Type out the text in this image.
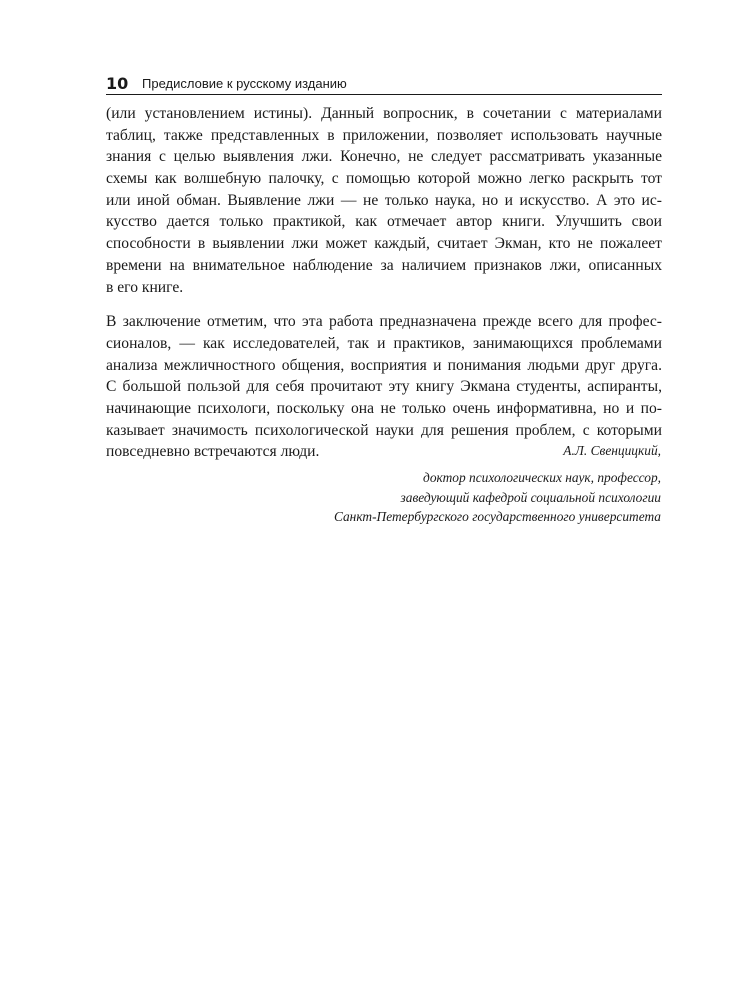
10 Предисловие к русскому изданию
(или установлением истины). Данный вопросник, в сочетании с материалами
таблиц, также представленных в приложении, позволяет использовать научные
знания с целью выявления лжи. Конечно, не следует рассматривать указанные
схемы как волшебную палочку, с помощью которой можно легко раскрыть тот
или иной обман. Выявление лжи — не только наука, но и искусство. А это ис-
кусство дается только практикой, как отмечает автор книги. Улучшить свои
способности в выявлении лжи может каждый, считает Экман, кто не пожалеет
времени на внимательное наблюдение за наличием признаков лжи, описанных
в его книге.
В заключение отметим, что эта работа предназначена прежде всего для профес-
сионалов, — как исследователей, так и практиков, занимающихся проблемами
анализа межличностного общения, восприятия и понимания людьми друг друга.
С большой пользой для себя прочитают эту книгу Экмана студенты, аспиранты,
начинающие психологи, поскольку она не только очень информативна, но и по-
казывает значимость психологической науки для решения проблем, с которыми
повседневно встречаются люди.	А.Л. Свенцицкий,
доктор психологических наук, профессор,
заведующий кафедрой социальной психологии
Санкт-Петербургского государственного университета
